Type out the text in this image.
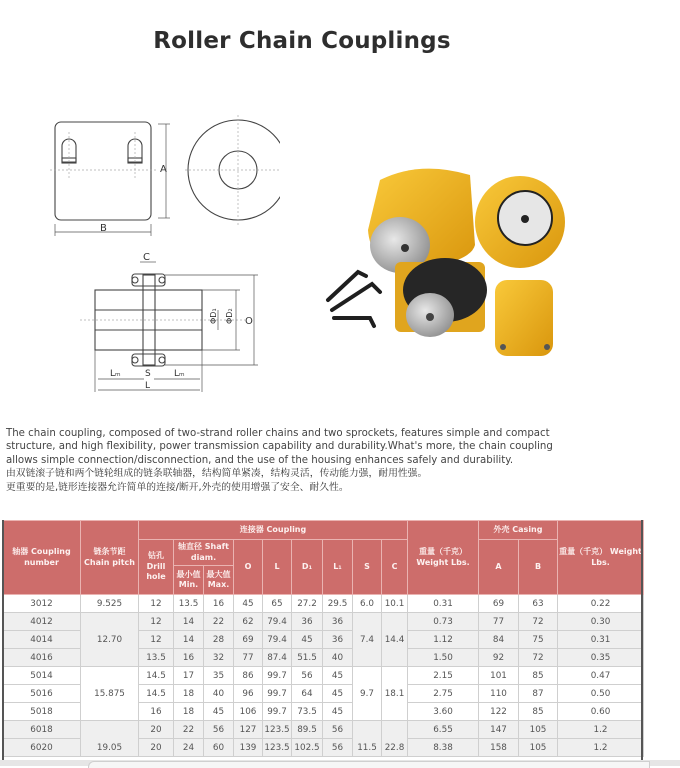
Roller Chain Couplings
A
B
C
O
ΦD₁ ΦD₂
Lₘ	S	Lₘ
L

The chain coupling, composed of two-strand roller chains and two sprockets, features simple and compact structure, and high flexibility, power transmission capability and durability.What's more, the chain coupling allows simple connection/disconnection, and the use of the housing enhances safely and durability.

由双链滚子链和两个链轮组成的链条联轴器，结构简单紧凑，结构灵活，传动能力强，耐用性强。

更重要的是,链形连接器允许简单的连接/断开,外壳的使用增强了安全、耐久性。

轴器 Coupling number	链条节距 Chain pitch	连接器 Coupling									重量（千克） Weight Lbs.	外壳 Casing		重量（千克） Weight Lbs.
		钻孔 Drill hole	轴直径 Shaft diam.		O	L	D₁	L₁	S	C		A	B	
			最小值 Min.	最大值 Max.										
3012	9.525	12	13.5	16	45	65	27.2	29.5	6.0	10.1	0.31	69	63	0.22
4012	12.70	12	14	22	62	79.4	36	36	7.4	14.4	0.73	77	72	0.30
4014		12	14	28	69	79.4	45	36			1.12	84	75	0.31
4016		13.5	16	32	77	87.4	51.5	40			1.50	92	72	0.35
5014	15.875	14.5	17	35	86	99.7	56	45	9.7	18.1	2.15	101	85	0.47
5016		14.5	18	40	96	99.7	64	45			2.75	110	87	0.50
5018		16	18	45	106	99.7	73.5	45			3.60	122	85	0.60
6018	19.05	20	22	56	127	123.5	89.5	56	11.5	22.8	6.55	147	105	1.2
6020		20	24	60	139	123.5	102.5	56			8.38	158	105	1.2
